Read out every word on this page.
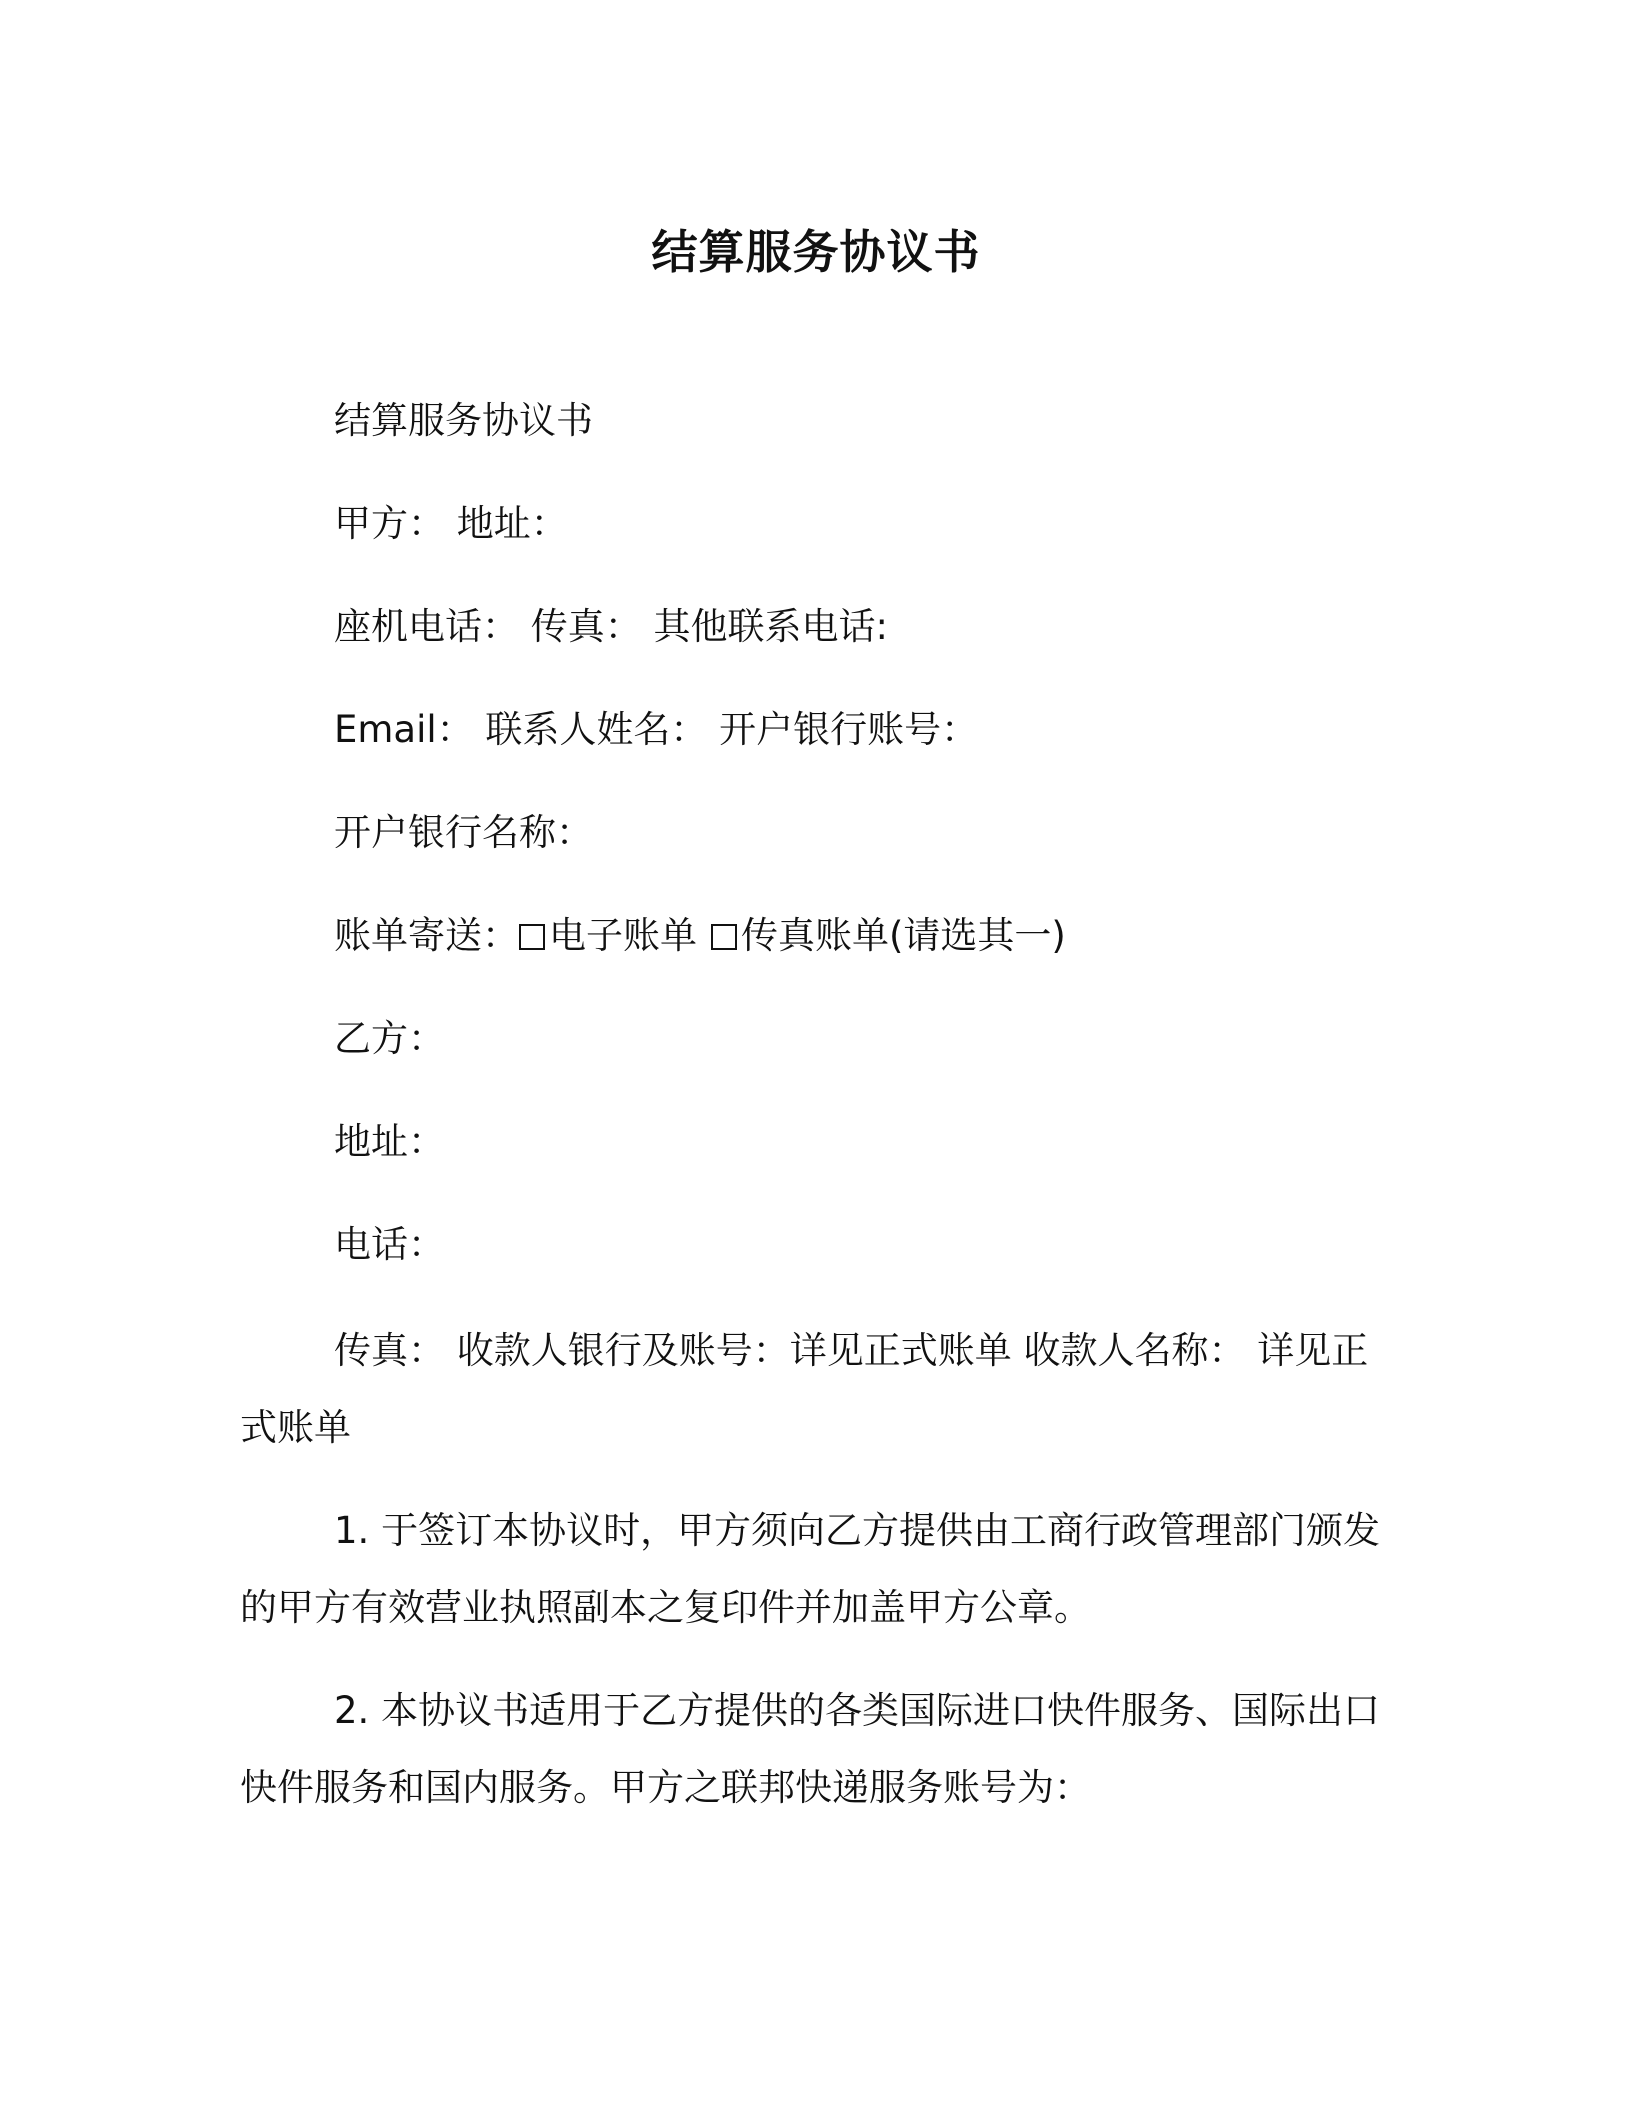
结算服务协议书
结算服务协议书
甲方： 地址：
座机电话： 传真： 其他联系电话:
Email： 联系人姓名： 开户银行账号：
开户银行名称：
账单寄送： 电子账单 传真账单(请选其一)
乙方：
地址：
电话：
传真： 收款人银行及账号：详见正式账单 收款人名称： 详见正
式账单
1. 于签订本协议时，甲方须向乙方提供由工商行政管理部门颁发
的甲方有效营业执照副本之复印件并加盖甲方公章。
2. 本协议书适用于乙方提供的各类国际进口快件服务、国际出口
快件服务和国内服务。甲方之联邦快递服务账号为：
